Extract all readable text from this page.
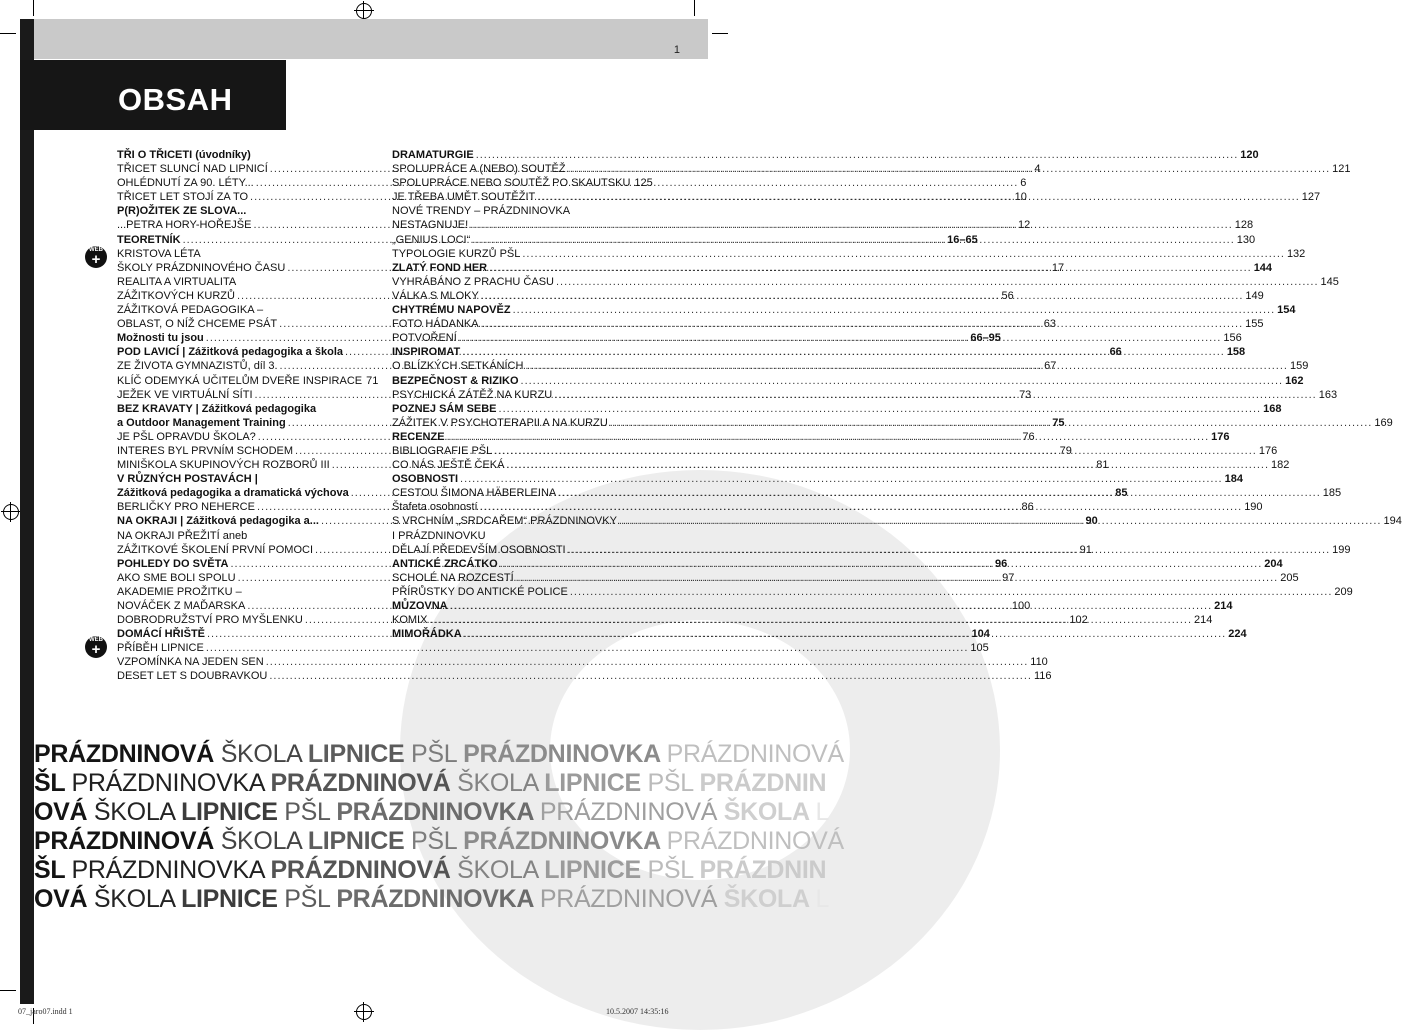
1
OBSAH
TŘI O TŘICETI (úvodníky)
TŘICET SLUNCÍ NAD LIPNICÍ .....	4
OHLÉDNUTÍ ZA 90. LÉTY... .....	6
TŘICET LET STOJÍ ZA TO .....	10
P(R)OŽITEK ZE SLOVA...
...PETRA HORY-HOŘEJŠE .....	12
TEORETNÍK .....	16–65
KRISTOVA LÉTA
ŠKOLY PRÁZDNINOVÉHO ČASU .....	17
REALITA A VIRTUALITA
ZÁŽITKOVÝCH KURZŮ .....	56
ZÁŽITKOVÁ PEDAGOGIKA –
OBLAST, O NÍŽ CHCEME PSÁT .....	63
Možnosti tu jsou .....	66–95
POD LAVICÍ | Zážitková pedagogika a škola .....	66
ZE ŽIVOTA GYMNAZISTŮ, díl 3. .....	67
KLÍČ ODEMYKÁ UČITELŮM DVEŘE INSPIRACE 71
JEŽEK VE VIRTUÁLNÍ SÍTI .....	73
BEZ KRAVATY | Zážitková pedagogika
a Outdoor Management Training .....	75
JE PŠL OPRAVDU ŠKOLA? .....	76
INTERES BYL PRVNÍM SCHODEM .....	79
MINIŠKOLA SKUPINOVÝCH ROZBORŮ III .....	81
V RŮZNÝCH POSTAVÁCH |
Zážitková pedagogika a dramatická výchova .....	85
BERLIČKY PRO NEHERCE .....	86
NA OKRAJI | Zážitková pedagogika a... .....	90
NA OKRAJI PŘEŽITÍ aneb
ZÁŽITKOVÉ ŠKOLENÍ PRVNÍ POMOCI .....	91
POHLEDY DO SVĚTA .....	96
AKO SME BOLI SPOLU .....	97
AKADEMIE PROŽITKU –
NOVÁČEK Z MAĎARSKA .....	100
DOBRODRUŽSTVÍ PRO MYŠLENKU .....	102
DOMÁCÍ HŘIŠTĚ .....	104
PŘÍBĚH LIPNICE .....	105
VZPOMÍNKA NA JEDEN SEN .....	110
DESET LET S DOUBRAVKOU .....	116
DRAMATURGIE .....	120
SPOLUPRÁCE A (NEBO) SOUTĚŽ .....	121
SPOLUPRÁCE NEBO SOUTĚŽ PO SKAUTSKU 125
JE TŘEBA UMĚT SOUTĚŽIT .....	127
NOVÉ TRENDY – PRÁZDNINOVKA
NESTAGNUJE! .....	128
„GENIUS LOCI“ .....	130
TYPOLOGIE KURZŮ PŠL .....	132
ZLATÝ FOND HER .....	144
VYHRÁBÁNO Z PRACHU ČASU .....	145
VÁLKA S MLOKY .....	149
CHYTRÉMU NAPOVĚZ .....	154
FOTO HÁDANKA .....	155
POTVOŘENÍ .....	156
INSPIROMAT .....	158
O BLÍZKÝCH SETKÁNÍCH .....	159
BEZPEČNOST & RIZIKO .....	162
PSYCHICKÁ ZÁTĚŽ NA KURZU .....	163
POZNEJ SÁM SEBE .....	168
ZÁŽITEK V PSYCHOTERAPII A NA KURZU .....	169
RECENZE .....	176
BIBLIOGRAFIE PŠL .....	176
CO NÁS JEŠTĚ ČEKÁ .....	182
OSOBNOSTI .....	184
CESTOU ŠIMONA HÄBERLEINA .....	185
Štafeta osobností .....	190
S VRCHNÍM „SRDCAŘEM“ PRÁZDNINOVKY .....	194
I PRÁZDNINOVKU
DĚLAJÍ PŘEDEVŠÍM OSOBNOSTI .....	199
ANTICKÉ ZRCÁTKO .....	204
SCHOLÉ NA ROZCESTÍ .....	205
PŘÍRŮSTKY DO ANTICKÉ POLICE .....	209
MŮZOVNA .....	214
KOMIX .....	214
MIMOŘÁDKA .....	224
WEB
+
WEB
+
PRÁZDNINOVÁ ŠKOLA LIPNICE PŠL PRÁZDNINOVKA PRÁZDNINOVÁ
ŠL PRÁZDNINOVKA PRÁZDNINOVÁ ŠKOLA LIPNICE PŠL PRÁZDNIN
OVÁ ŠKOLA LIPNICE PŠL PRÁZDNINOVKA PRÁZDNINOVÁ ŠKOLA L
PRÁZDNINOVÁ ŠKOLA LIPNICE PŠL PRÁZDNINOVKA PRÁZDNINOVÁ
ŠL PRÁZDNINOVKA PRÁZDNINOVÁ ŠKOLA LIPNICE PŠL PRÁZDNIN
OVÁ ŠKOLA LIPNICE PŠL PRÁZDNINOVKA PRÁZDNINOVÁ ŠKOLA L
07_jaro07.indd 1	10.5.2007 14:35:16
